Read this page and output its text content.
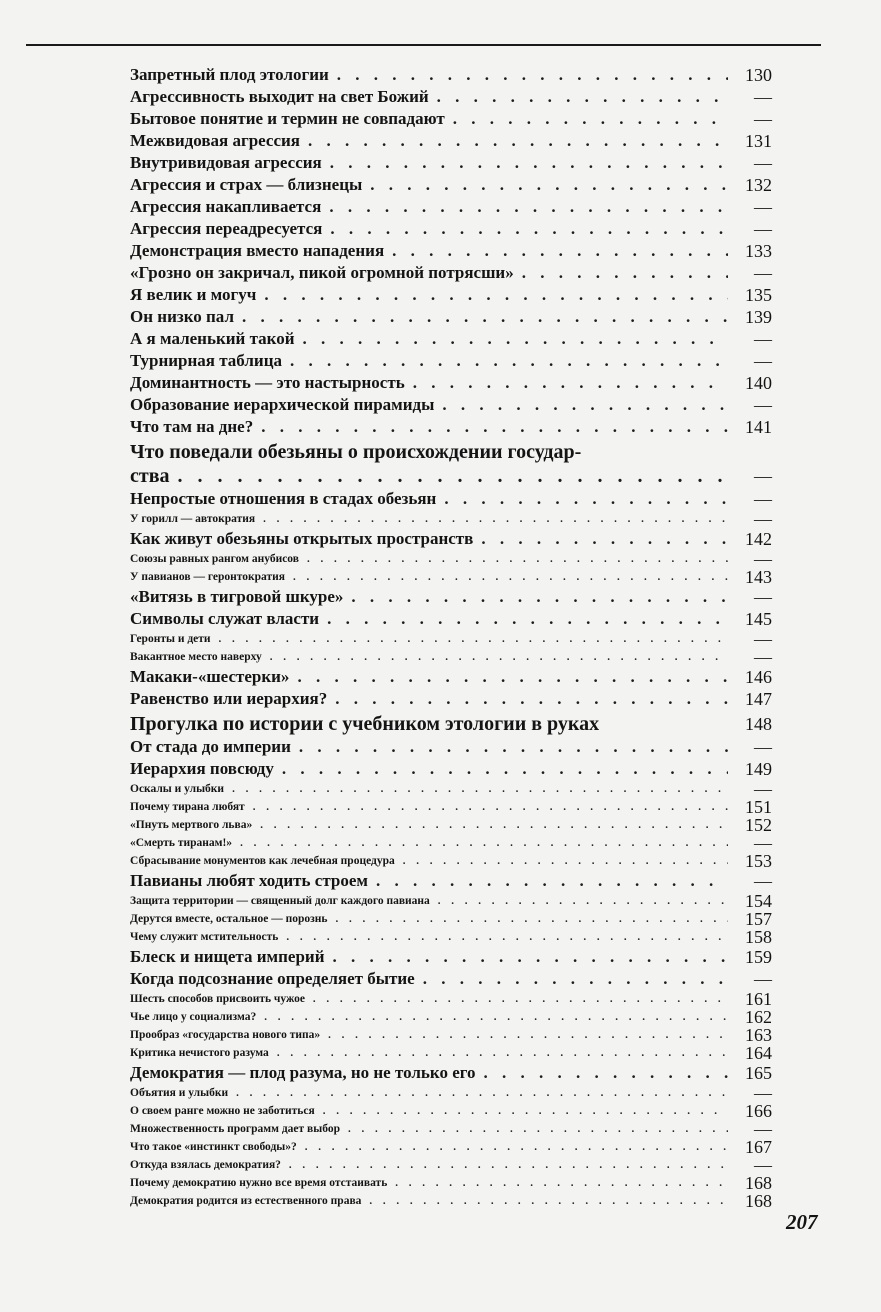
Запретный плод этологии . . .	130
Агрессивность выходит на свет Божий . . .	—
Бытовое понятие и термин не совпадают . . .	—
Межвидовая агрессия . . .	131
Внутривидовая агрессия . . .	—
Агрессия и страх — близнецы . . .	132
Агрессия накапливается . . .	—
Агрессия переадресуется . . .	—
Демонстрация вместо нападения . . .	133
«Грозно он закричал, пикой огромной потрясши» . . .	—
Я велик и могуч . . .	135
Он низко пал . . .	139
А я маленький такой . . .	—
Турнирная таблица . . .	—
Доминантность — это настырность . . .	140
Образование иерархической пирамиды . . .	—
Что там на дне? . . .	141
Что поведали обезьяны о происхождении государ-
ства . . .	—
Непростые отношения в стадах обезьян . . .	—
У горилл — автократия . . .	—
Как живут обезьяны открытых пространств . . .	142
Союзы равных рангом анубисов . . .	—
У павианов — геронтократия . . .	143
«Витязь в тигровой шкуре» . . .	—
Символы служат власти . . .	145
Геронты и дети . . .	—
Вакантное место наверху . . .	—
Макаки-«шестерки» . . .	146
Равенство или иерархия? . . .	147
Прогулка по истории с учебником этологии в руках	148
От стада до империи . . .	—
Иерархия повсюду . . .	149
Оскалы и улыбки . . .	—
Почему тирана любят . . .	151
«Пнуть мертвого льва» . . .	152
«Смерть тиранам!» . . .	—
Сбрасывание монументов как лечебная процедура . . .	153
Павианы любят ходить строем . . .	—
Защита территории — священный долг каждого павиана . . .	154
Дерутся вместе, остальное — порознь . . .	157
Чему служит мстительность . . .	158
Блеск и нищета империй . . .	159
Когда подсознание определяет бытие . . .	—
Шесть способов присвоить чужое . . .	161
Чье лицо у социализма? . . .	162
Прообраз «государства нового типа» . . .	163
Критика нечистого разума . . .	164
Демократия — плод разума, но не только его . . .	165
Объятия и улыбки . . .	—
О своем ранге можно не заботиться . . .	166
Множественность программ дает выбор . . .	—
Что такое «инстинкт свободы»? . . .	167
Откуда взялась демократия? . . .	—
Почему демократию нужно все время отстаивать . . .	168
Демократия родится из естественного права . . .	168
207
